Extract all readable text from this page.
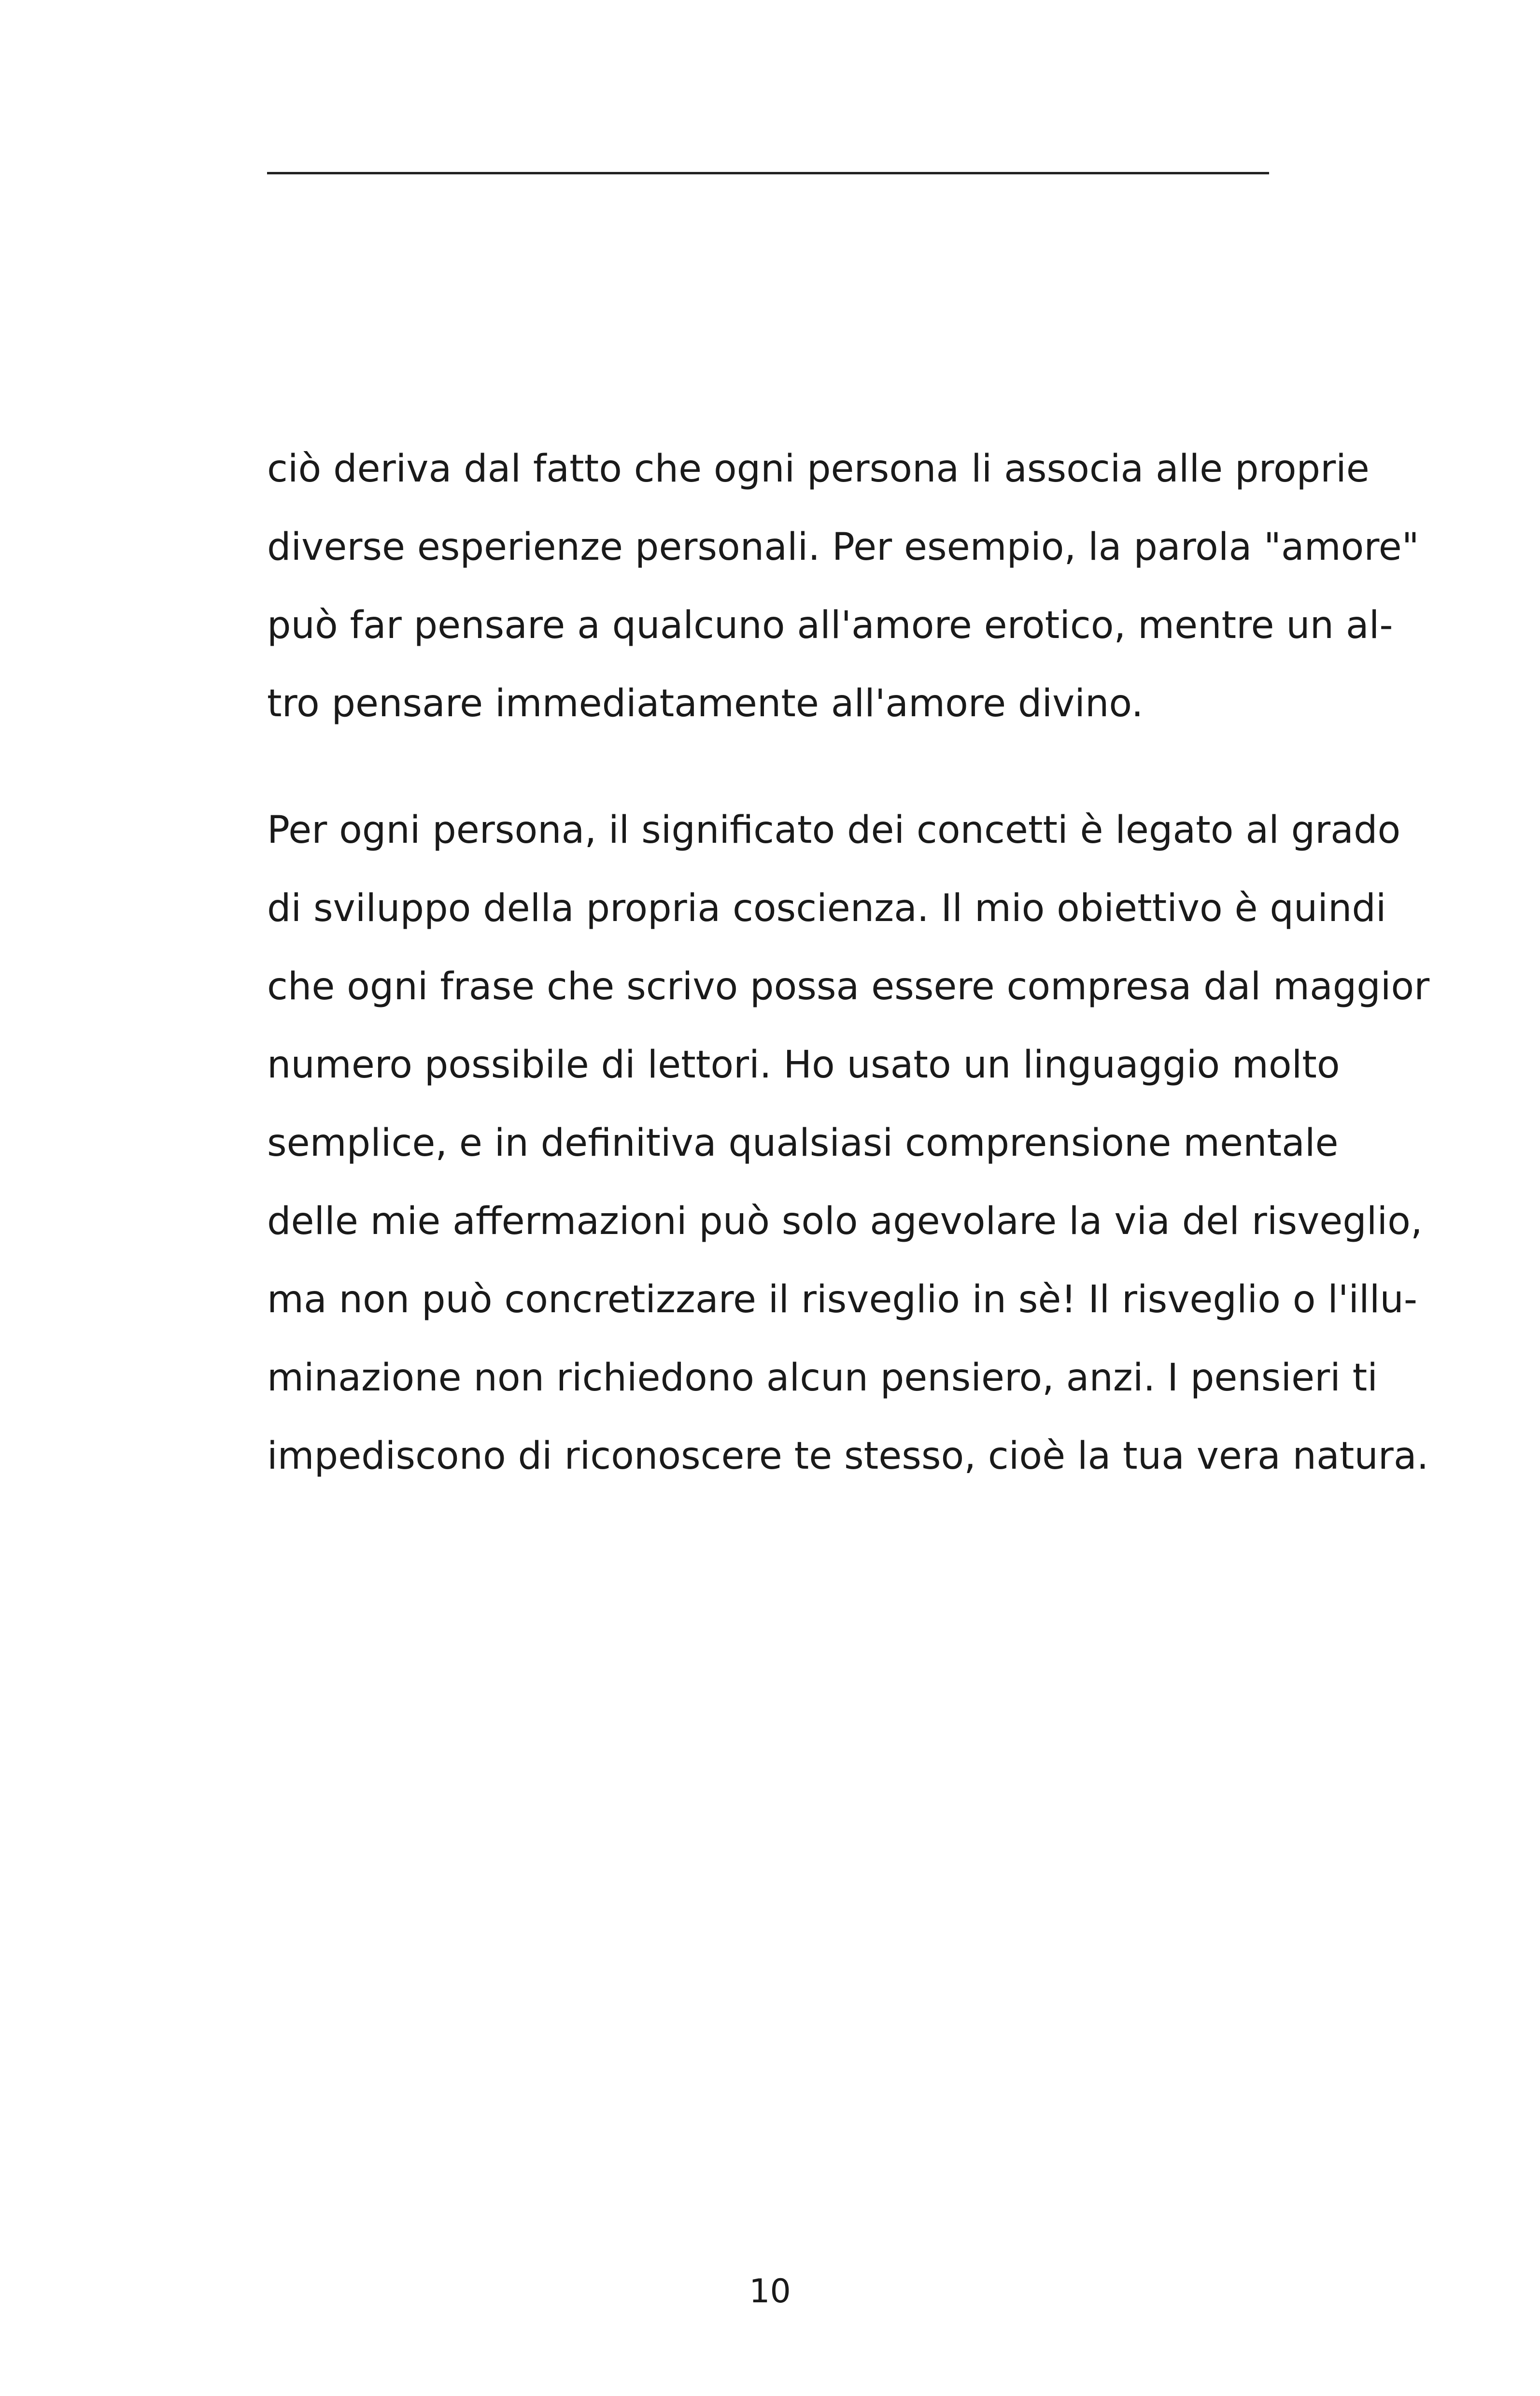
ciò deriva dal fatto che ogni persona li associa alle proprie
diverse esperienze personali. Per esempio, la parola "amore"
può far pensare a qualcuno all'amore erotico, mentre un al-
tro pensare immediatamente all'amore divino.
Per ogni persona, il significato dei concetti è legato al grado
di sviluppo della propria coscienza. Il mio obiettivo è quindi
che ogni frase che scrivo possa essere compresa dal maggior
numero possibile di lettori. Ho usato un linguaggio molto
semplice, e in definitiva qualsiasi comprensione mentale
delle mie affermazioni può solo agevolare la via del risveglio,
ma non può concretizzare il risveglio in sè! Il risveglio o l'illu-
minazione non richiedono alcun pensiero, anzi. I pensieri ti
impediscono di riconoscere te stesso, cioè la tua vera natura.
10
